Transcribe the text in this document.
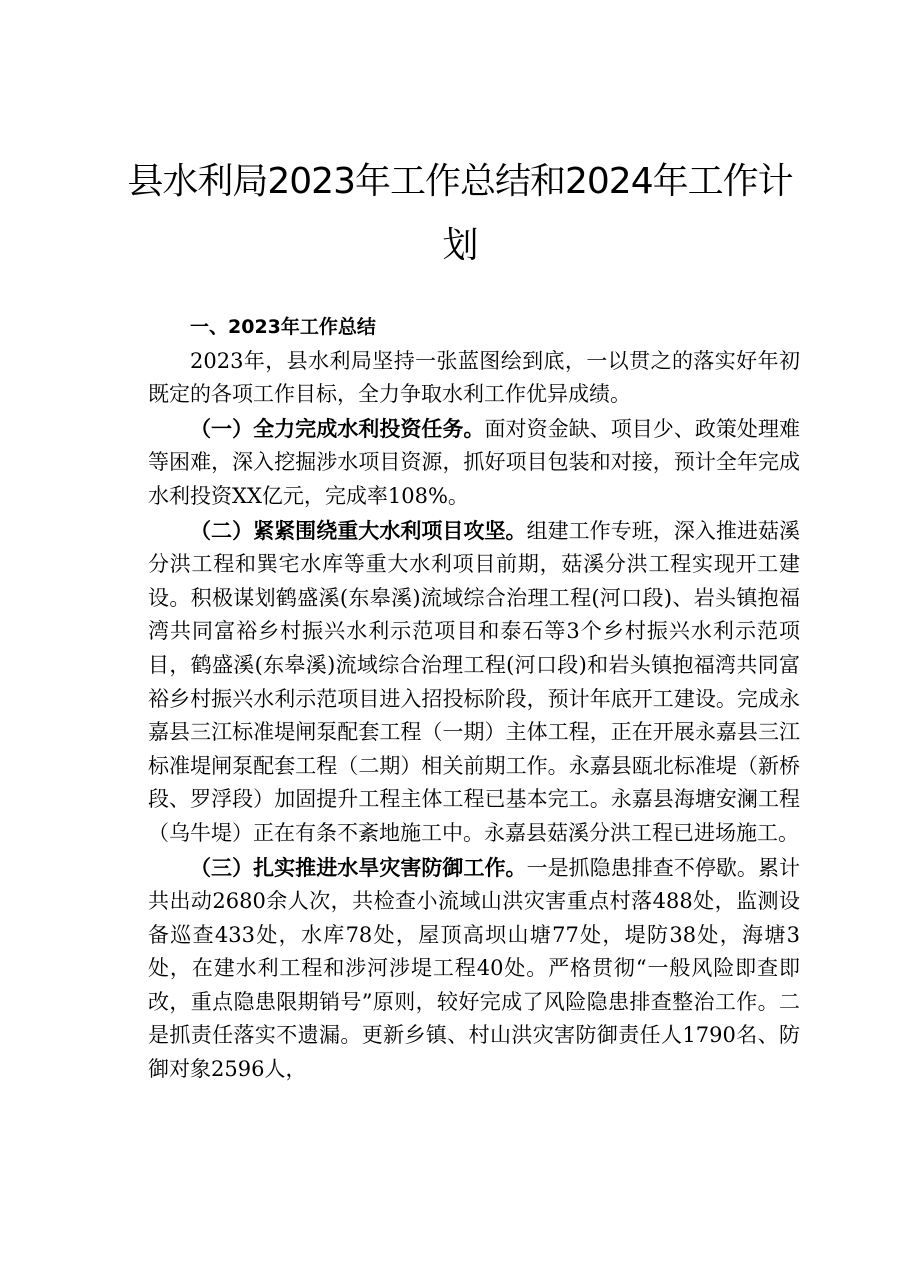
县水利局2023年工作总结和2024年工作计划

一、2023年工作总结

2023年，县水利局坚持一张蓝图绘到底，一以贯之的落实好年初既定的各项工作目标，全力争取水利工作优异成绩。

（一）全力完成水利投资任务。面对资金缺、项目少、政策处理难等困难，深入挖掘涉水项目资源，抓好项目包装和对接，预计全年完成水利投资XX亿元，完成率108%。

（二）紧紧围绕重大水利项目攻坚。组建工作专班，深入推进菇溪分洪工程和巽宅水库等重大水利项目前期，菇溪分洪工程实现开工建设。积极谋划鹤盛溪(东皋溪)流域综合治理工程(河口段)、岩头镇抱福湾共同富裕乡村振兴水利示范项目和泰石等3个乡村振兴水利示范项目，鹤盛溪(东皋溪)流域综合治理工程(河口段)和岩头镇抱福湾共同富裕乡村振兴水利示范项目进入招投标阶段，预计年底开工建设。完成永嘉县三江标准堤闸泵配套工程（一期）主体工程，正在开展永嘉县三江标准堤闸泵配套工程（二期）相关前期工作。永嘉县瓯北标准堤（新桥段、罗浮段）加固提升工程主体工程已基本完工。永嘉县海塘安澜工程（乌牛堤）正在有条不紊地施工中。永嘉县菇溪分洪工程已进场施工。

（三）扎实推进水旱灾害防御工作。一是抓隐患排查不停歇。累计共出动2680余人次，共检查小流域山洪灾害重点村落488处，监测设备巡查433处，水库78处，屋顶高坝山塘77处，堤防38处，海塘3处，在建水利工程和涉河涉堤工程40处。严格贯彻“一般风险即查即改，重点隐患限期销号”原则，较好完成了风险隐患排查整治工作。二是抓责任落实不遗漏。更新乡镇、村山洪灾害防御责任人1790名、防御对象2596人，
